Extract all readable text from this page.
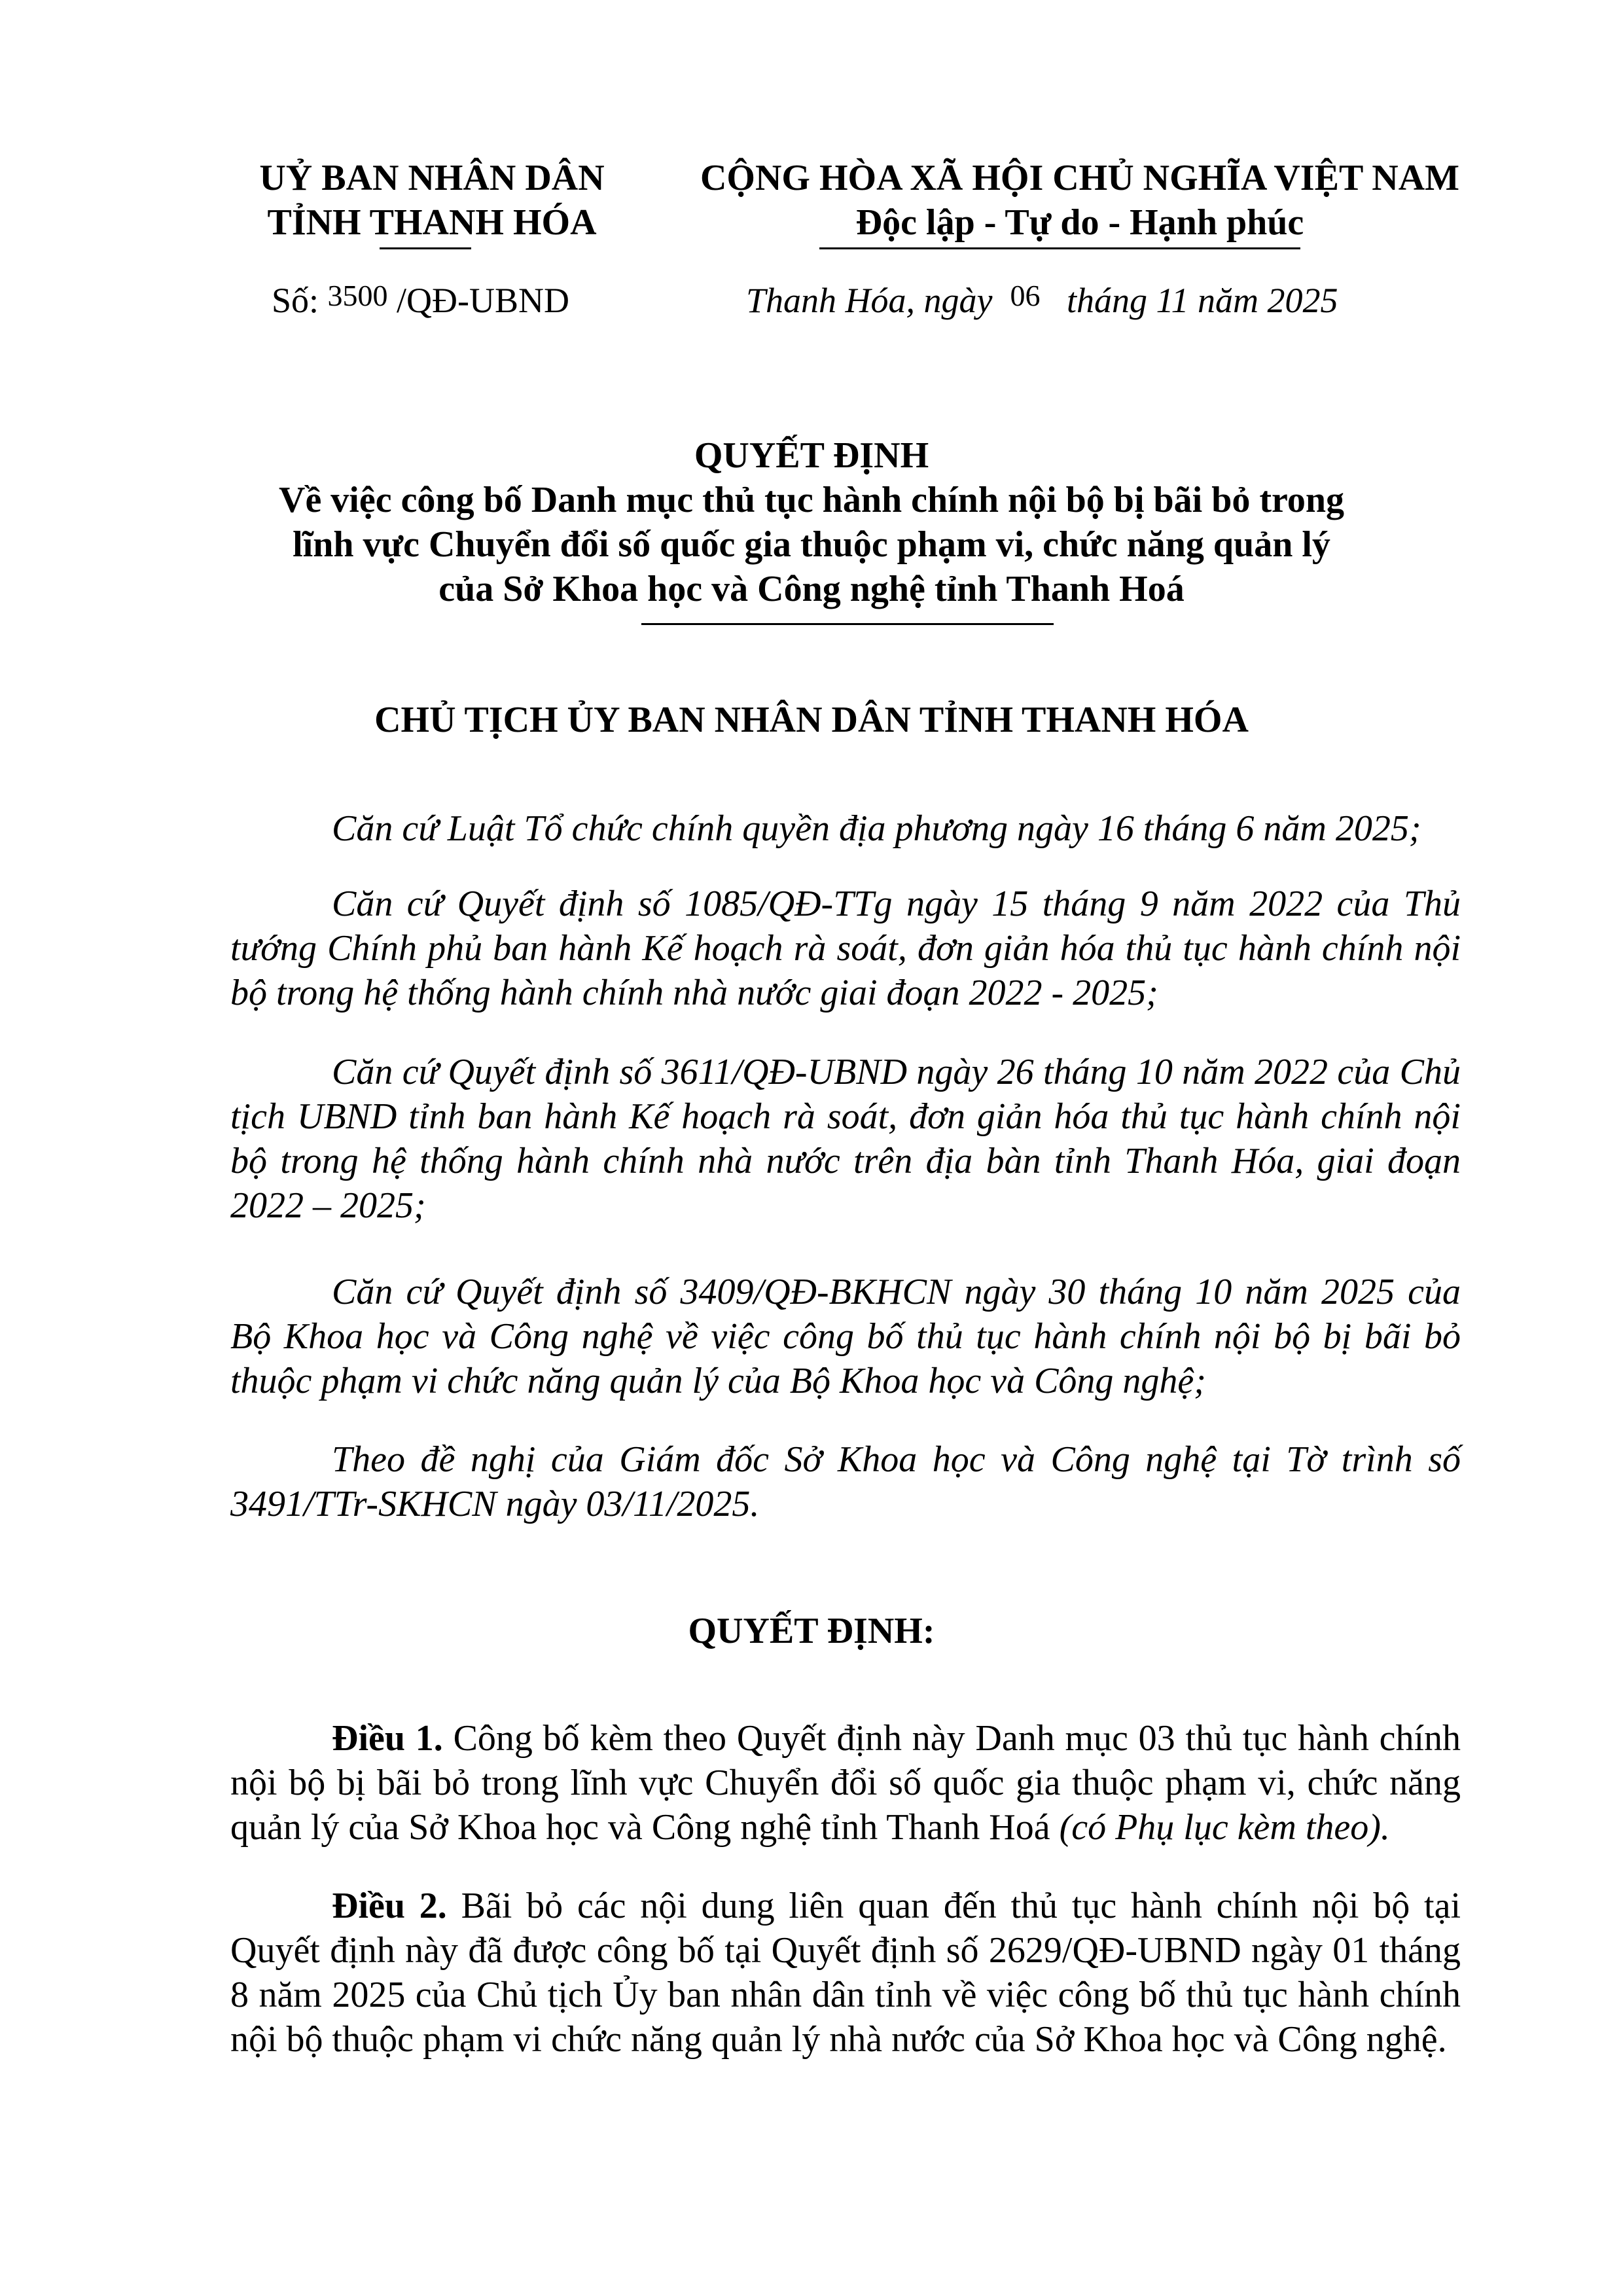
UỶ BAN NHÂN DÂN
TỈNH THANH HÓA
CỘNG HÒA XÃ HỘI CHỦ NGHĨA VIỆT NAM
Độc lập - Tự do - Hạnh phúc
Số: 3500 /QĐ-UBND	Thanh Hóa, ngày 06 tháng 11 năm 2025
QUYẾT ĐỊNH
Về việc công bố Danh mục thủ tục hành chính nội bộ bị bãi bỏ trong
lĩnh vực Chuyển đổi số quốc gia thuộc phạm vi, chức năng quản lý
của Sở Khoa học và Công nghệ tỉnh Thanh Hoá
CHỦ TỊCH ỦY BAN NHÂN DÂN TỈNH THANH HÓA
Căn cứ Luật Tổ chức chính quyền địa phương ngày 16 tháng 6 năm 2025;
Căn cứ Quyết định số 1085/QĐ-TTg ngày 15 tháng 9 năm 2022 của Thủ tướng Chính phủ ban hành Kế hoạch rà soát, đơn giản hóa thủ tục hành chính nội bộ trong hệ thống hành chính nhà nước giai đoạn 2022 - 2025;
Căn cứ Quyết định số 3611/QĐ-UBND ngày 26 tháng 10 năm 2022 của Chủ tịch UBND tỉnh ban hành Kế hoạch rà soát, đơn giản hóa thủ tục hành chính nội bộ trong hệ thống hành chính nhà nước trên địa bàn tỉnh Thanh Hóa, giai đoạn 2022 – 2025;
Căn cứ Quyết định số 3409/QĐ-BKHCN ngày 30 tháng 10 năm 2025 của Bộ Khoa học và Công nghệ về việc công bố thủ tục hành chính nội bộ bị bãi bỏ thuộc phạm vi chức năng quản lý của Bộ Khoa học và Công nghệ;
Theo đề nghị của Giám đốc Sở Khoa học và Công nghệ tại Tờ trình số 3491/TTr-SKHCN ngày 03/11/2025.
QUYẾT ĐỊNH:
Điều 1. Công bố kèm theo Quyết định này Danh mục 03 thủ tục hành chính nội bộ bị bãi bỏ trong lĩnh vực Chuyển đổi số quốc gia thuộc phạm vi, chức năng quản lý của Sở Khoa học và Công nghệ tỉnh Thanh Hoá (có Phụ lục kèm theo).
Điều 2. Bãi bỏ các nội dung liên quan đến thủ tục hành chính nội bộ tại Quyết định này đã được công bố tại Quyết định số 2629/QĐ-UBND ngày 01 tháng 8 năm 2025 của Chủ tịch Ủy ban nhân dân tỉnh về việc công bố thủ tục hành chính nội bộ thuộc phạm vi chức năng quản lý nhà nước của Sở Khoa học và Công nghệ.
